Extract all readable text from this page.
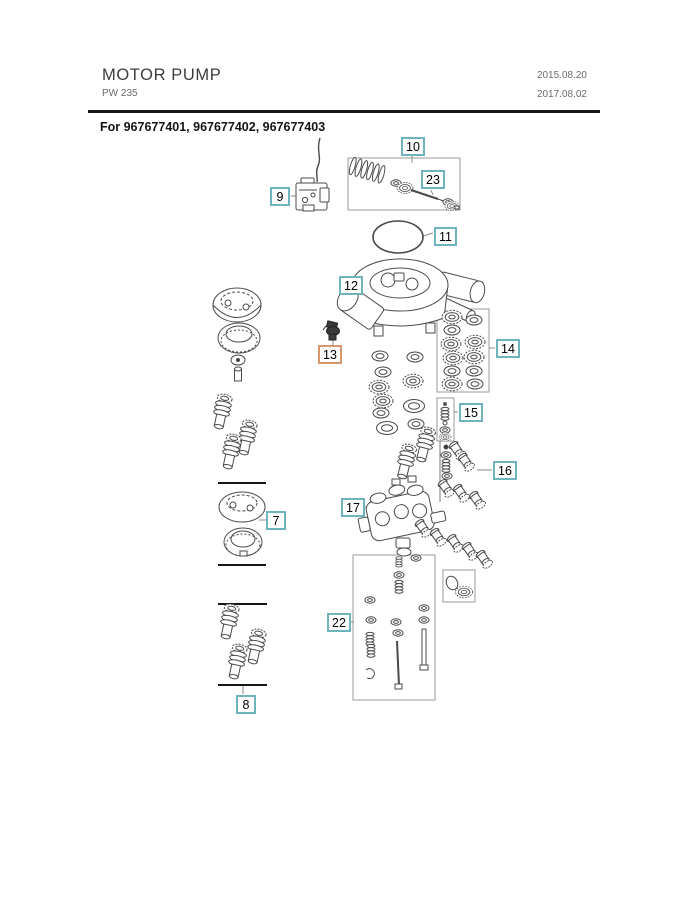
MOTOR PUMP
PW 235
2015.08.20
2017.08.02
For 967677401, 967677402, 967677403
7
8
9
10
11
12
13	14
15
16
17
22
23
